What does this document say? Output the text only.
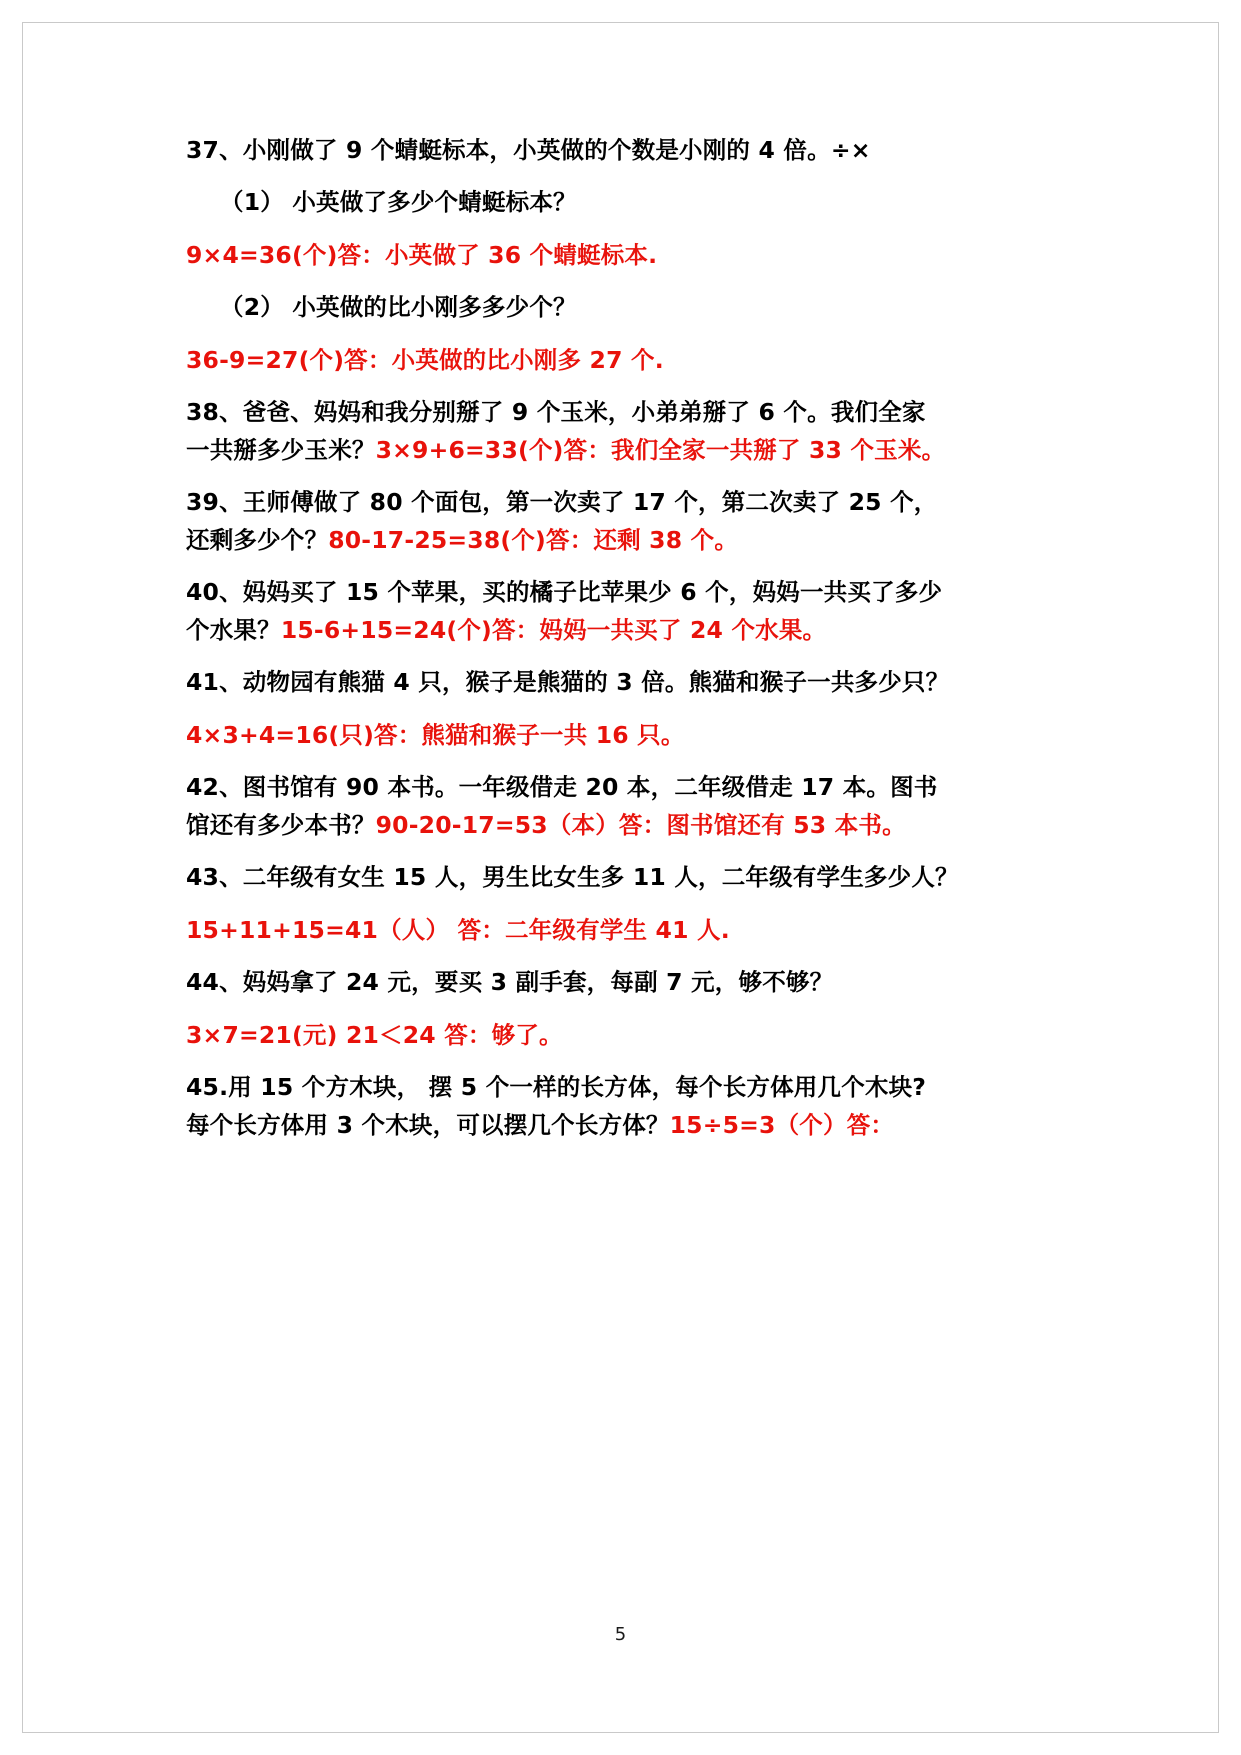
37、小刚做了 9 个蜻蜓标本，小英做的个数是小刚的 4 倍。÷×
（1） 小英做了多少个蜻蜓标本？
9×4=36(个)答：小英做了 36 个蜻蜓标本.
（2） 小英做的比小刚多多少个？
36-9=27(个)答：小英做的比小刚多 27 个.
38、爸爸、妈妈和我分别掰了 9 个玉米，小弟弟掰了 6 个。我们全家
一共掰多少玉米？3×9+6=33(个)答：我们全家一共掰了 33 个玉米。
39、王师傅做了 80 个面包，第一次卖了 17 个，第二次卖了 25 个，
还剩多少个？80-17-25=38(个)答：还剩 38 个。
40、妈妈买了 15 个苹果，买的橘子比苹果少 6 个，妈妈一共买了多少
个水果？15-6+15=24(个)答：妈妈一共买了 24 个水果。
41、动物园有熊猫 4 只，猴子是熊猫的 3 倍。熊猫和猴子一共多少只？
4×3+4=16(只)答：熊猫和猴子一共 16 只。
42、图书馆有 90 本书。一年级借走 20 本，二年级借走 17 本。图书
馆还有多少本书？90-20-17=53（本）答：图书馆还有 53 本书。
43、二年级有女生 15 人，男生比女生多 11 人，二年级有学生多少人？
15+11+15=41（人） 答：二年级有学生 41 人.
44、妈妈拿了 24 元，要买 3 副手套，每副 7 元，够不够？
3×7=21(元) 21＜24 答：够了。
45.用 15 个方木块， 摆 5 个一样的长方体，每个长方体用几个木块?
每个长方体用 3 个木块，可以摆几个长方体？15÷5=3（个）答：
5
